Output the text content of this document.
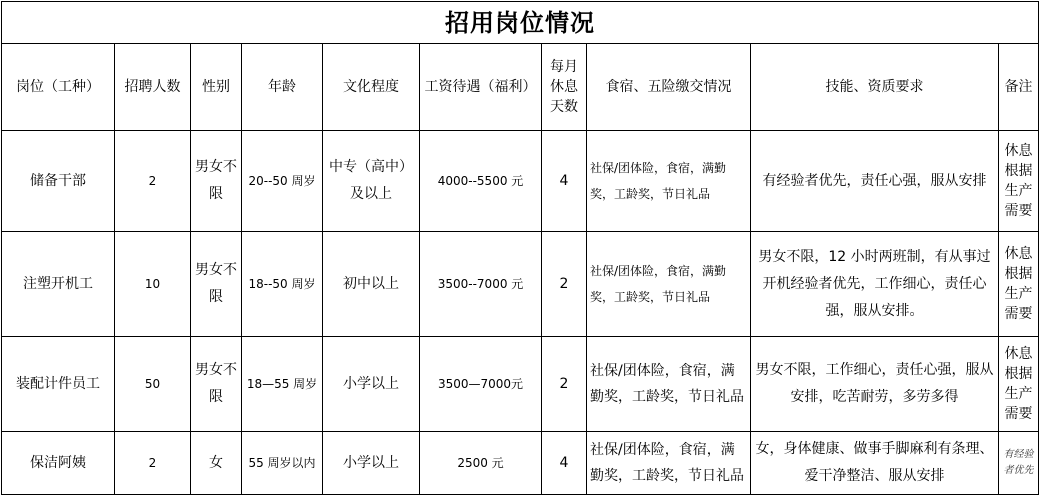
招用岗位情况									
岗位（工种）	招聘人数	性别	年龄	文化程度	工资待遇（福利）	每月休息天数	食宿、五险缴交情况	技能、资质要求	备注
储备干部	2	男女不限	20--50 周岁	中专（高中）及以上	4000--5500 元	4	社保/团体险，食宿，满勤奖，工龄奖，节日礼品	有经验者优先，责任心强，服从安排	休息根据生产需要
注塑开机工	10	男女不限	18--50 周岁	初中以上	3500--7000 元	2	社保/团体险，食宿，满勤奖，工龄奖，节日礼品	男女不限，12 小时两班制，有从事过开机经验者优先，工作细心，责任心强，服从安排。	休息根据生产需要
装配计件员工	50	男女不限	18—55 周岁	小学以上	3500—7000元	2	社保/团体险，食宿，满勤奖，工龄奖，节日礼品	男女不限，工作细心，责任心强，服从安排，吃苦耐劳，多劳多得	休息根据生产需要
保洁阿姨	2	女	55 周岁以内	小学以上	2500 元	4	社保/团体险，食宿，满勤奖，工龄奖，节日礼品	女，身体健康、做事手脚麻利有条理、爱干净整洁、服从安排	有经验者优先
